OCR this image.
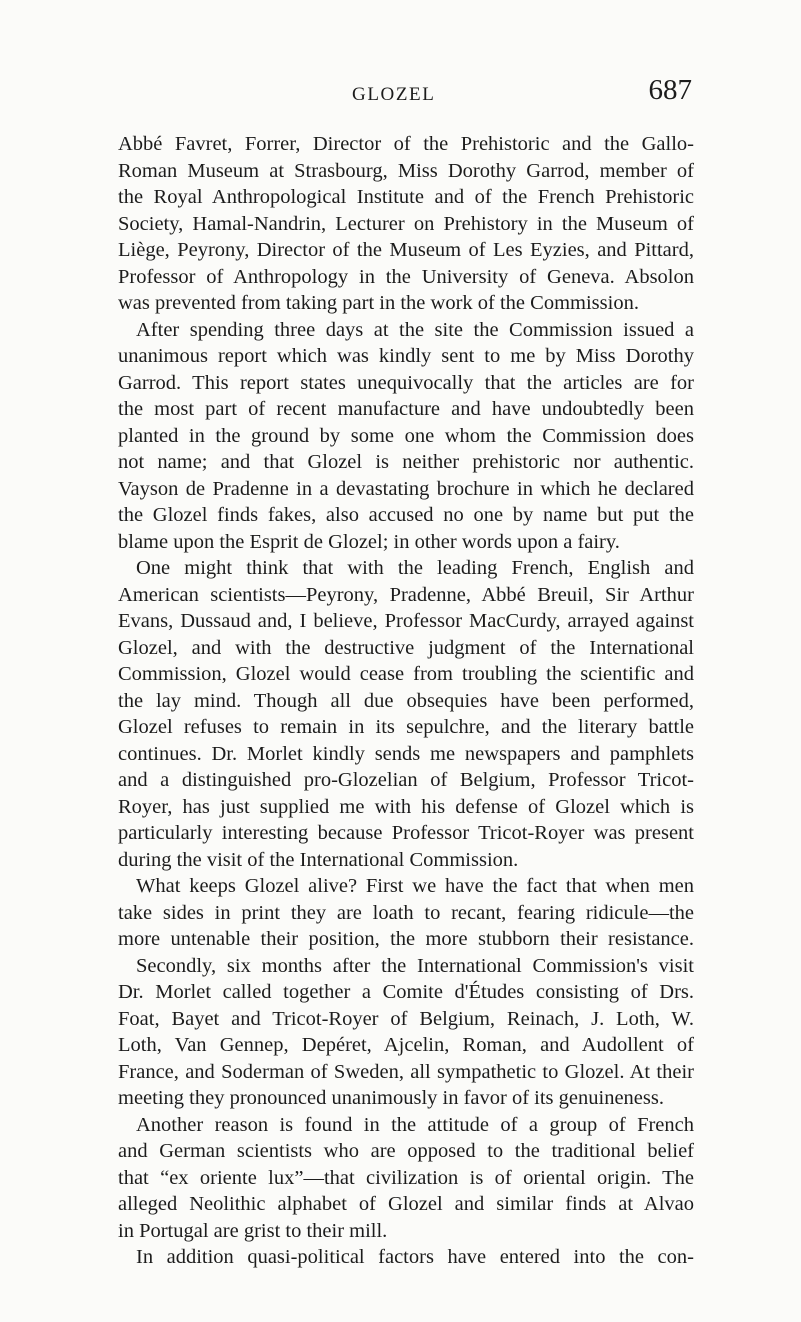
GLOZEL	687
Abbé Favret, Forrer, Director of the Prehistoric and the Gallo-
Roman Museum at Strasbourg, Miss Dorothy Garrod, member of
the Royal Anthropological Institute and of the French Prehistoric
Society, Hamal-Nandrin, Lecturer on Prehistory in the Museum of
Liège, Peyrony, Director of the Museum of Les Eyzies, and Pittard,
Professor of Anthropology in the University of Geneva. Absolon
was prevented from taking part in the work of the Commission.
After spending three days at the site the Commission issued a
unanimous report which was kindly sent to me by Miss Dorothy
Garrod. This report states unequivocally that the articles are for
the most part of recent manufacture and have undoubtedly been
planted in the ground by some one whom the Commission does
not name; and that Glozel is neither prehistoric nor authentic.
Vayson de Pradenne in a devastating brochure in which he declared
the Glozel finds fakes, also accused no one by name but put the
blame upon the Esprit de Glozel; in other words upon a fairy.
One might think that with the leading French, English and
American scientists—Peyrony, Pradenne, Abbé Breuil, Sir Arthur
Evans, Dussaud and, I believe, Professor MacCurdy, arrayed against
Glozel, and with the destructive judgment of the International
Commission, Glozel would cease from troubling the scientific and
the lay mind. Though all due obsequies have been performed,
Glozel refuses to remain in its sepulchre, and the literary battle
continues. Dr. Morlet kindly sends me newspapers and pamphlets
and a distinguished pro-Glozelian of Belgium, Professor Tricot-
Royer, has just supplied me with his defense of Glozel which is
particularly interesting because Professor Tricot-Royer was present
during the visit of the International Commission.
What keeps Glozel alive? First we have the fact that when men
take sides in print they are loath to recant, fearing ridicule—the
more untenable their position, the more stubborn their resistance.
Secondly, six months after the International Commission's visit
Dr. Morlet called together a Comite d'Études consisting of Drs.
Foat, Bayet and Tricot-Royer of Belgium, Reinach, J. Loth, W.
Loth, Van Gennep, Depéret, Ajcelin, Roman, and Audollent of
France, and Soderman of Sweden, all sympathetic to Glozel. At their
meeting they pronounced unanimously in favor of its genuineness.
Another reason is found in the attitude of a group of French
and German scientists who are opposed to the traditional belief
that “ex oriente lux”—that civilization is of oriental origin. The
alleged Neolithic alphabet of Glozel and similar finds at Alvao
in Portugal are grist to their mill.
In addition quasi-political factors have entered into the con-
